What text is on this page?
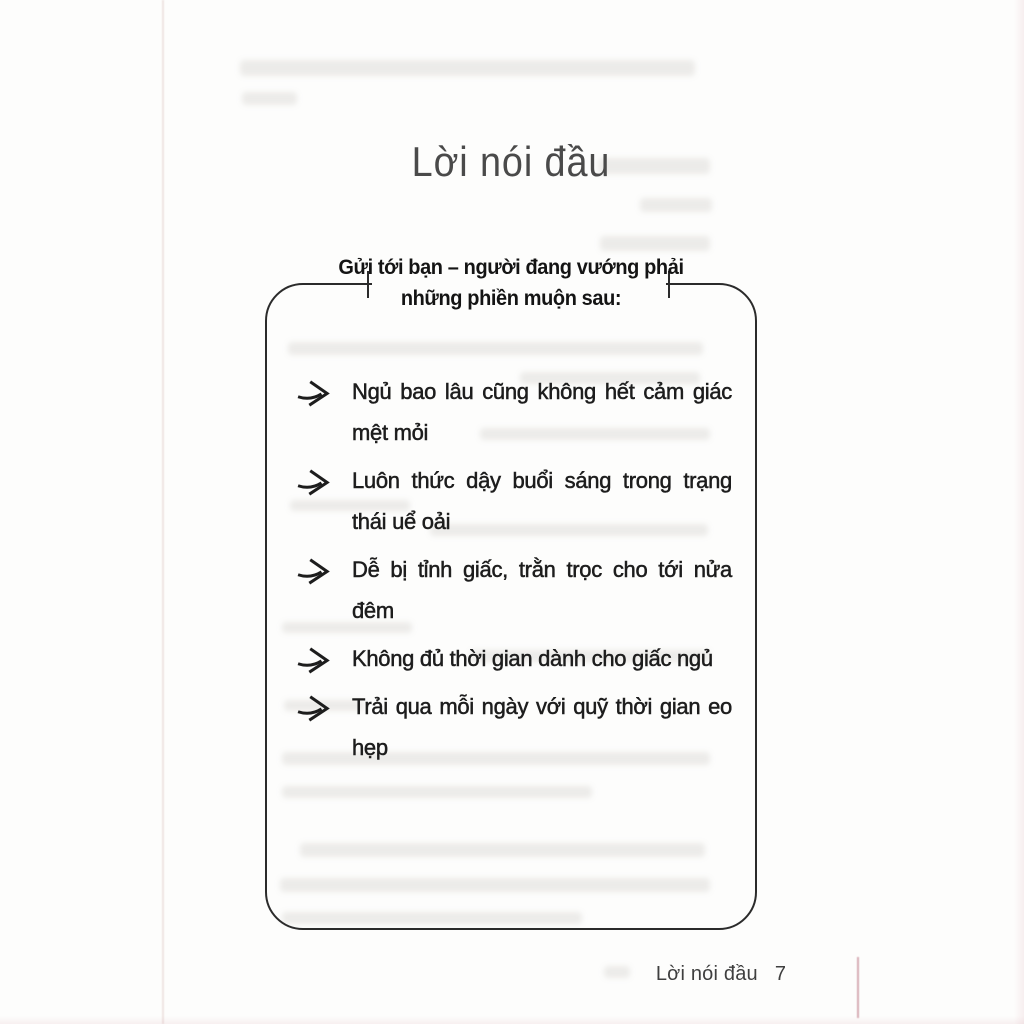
Lời nói đầu
Gửi tới bạn – người đang vướng phải
những phiền muộn sau:
Ngủ bao lâu cũng không hết cảm giác mệt mỏi
Luôn thức dậy buổi sáng trong trạng thái uể oải
Dễ bị tỉnh giấc, trằn trọc cho tới nửa đêm
Không đủ thời gian dành cho giấc ngủ
Trải qua mỗi ngày với quỹ thời gian eo hẹp
Lời nói đầu 7
